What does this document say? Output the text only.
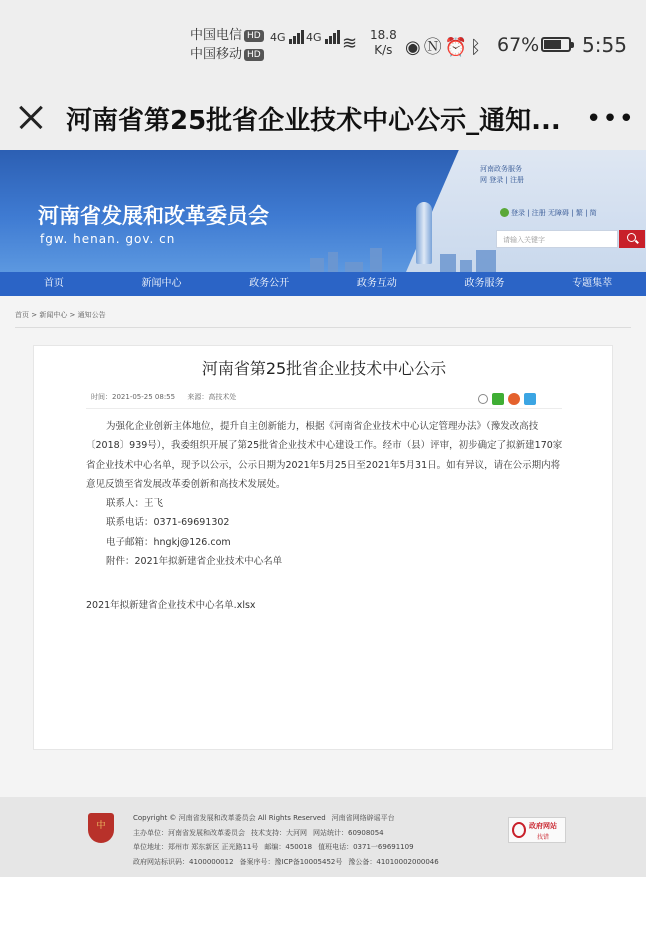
中国电信 HD
中国移动 HD
4G	4G	≋ 18.8
K/s ◉Ⓝ⏰ᛒ 67% 5:55
河南省第25批省企业技术中心公示_通知... •••
河南省发展和改革委员会
fgw. henan. gov. cn
河南政务服务
网 登录 | 注册
登录 | 注册 无障碍 | 繁 | 简
请输入关键字
首页	新闻中心	政务公开	政务互动	政务服务	专题集萃
首页 > 新闻中心 > 通知公告
河南省第25批省企业技术中心公示
时间：2021-05-25 08:55 来源：高技术处

为强化企业创新主体地位，提升自主创新能力，根据《河南省企业技术中心认定管理办法》（豫发改高技〔2018〕939号），我委组织开展了第25批省企业技术中心建设工作。经市（县）评审，初步确定了拟新建170家省企业技术中心名单，现予以公示，公示日期为2021年5月25日至2021年5月31日。如有异议，请在公示期内将意见反馈至省发展改革委创新和高技术发展处。

联系人：王飞

联系电话：0371-69691302

电子邮箱：hngkj@126.com

附件：2021年拟新建省企业技术中心名单

2021年拟新建省企业技术中心名单.xlsx
中
Copyright © 河南省发展和改革委员会 All Rights Reserved 河南省网络辟谣平台
主办单位：河南省发展和改革委员会 技术支持：大河网 网站统计：60908054
单位地址：郑州市 郑东新区 正光路11号 邮编：450018 值班电话：0371一69691109
政府网站标识码：4100000012 备案序号：豫ICP备10005452号 豫公备：41010002000046
政府网站
找错
